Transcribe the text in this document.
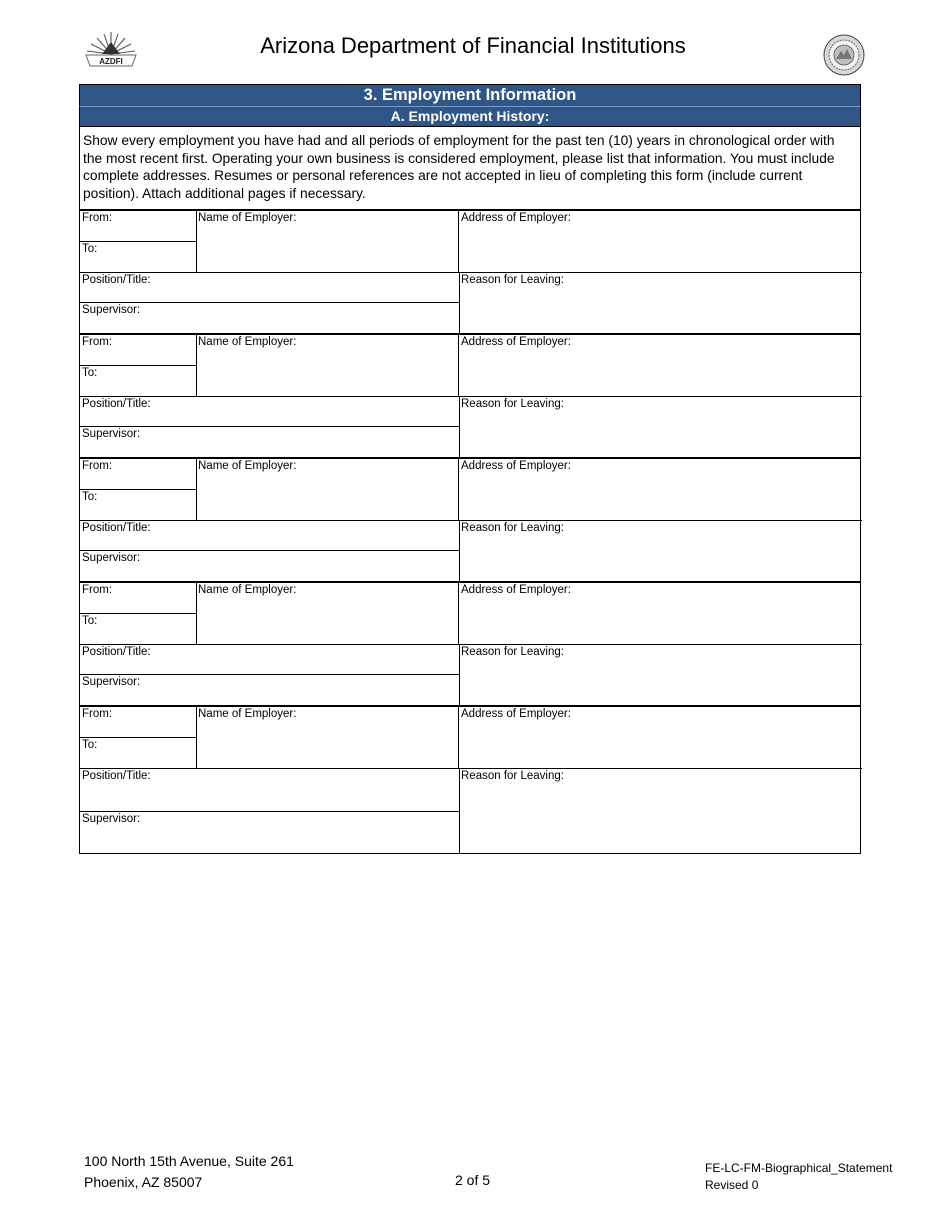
AZDFI
Arizona Department of Financial Institutions
3. Employment Information
A. Employment History:
Show every employment you have had and all periods of employment for the past ten (10) years in chronological order with the most recent first. Operating your own business is considered employment, please list that information. You must include complete addresses. Resumes or personal references are not accepted in lieu of completing this form (include current position). Attach additional pages if necessary.
From:
To:
Name of Employer:	Address of Employer:
Position/Title:
Supervisor:
Reason for Leaving:
From:
To:
Name of Employer:	Address of Employer:
Position/Title:
Supervisor:
Reason for Leaving:
From:
To:
Name of Employer:	Address of Employer:
Position/Title:
Supervisor:
Reason for Leaving:
From:
To:
Name of Employer:	Address of Employer:
Position/Title:
Supervisor:
Reason for Leaving:
From:
To:
Name of Employer:	Address of Employer:
Position/Title:
Supervisor:
Reason for Leaving:
100 North 15th Avenue, Suite 261
Phoenix, AZ 85007	2 of 5
FE-LC-FM-Biographical_Statement
Revised 0
